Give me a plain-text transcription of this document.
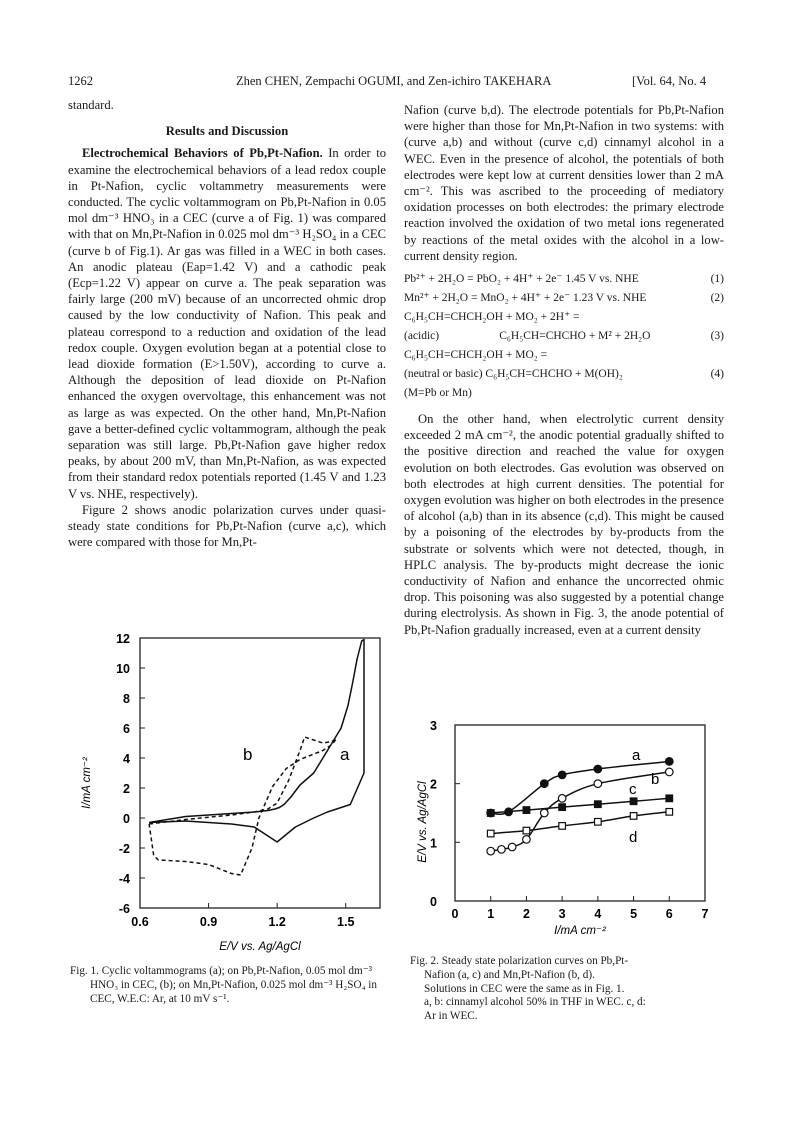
1262	Zhen CHEN, Zempachi OGUMI, and Zen-ichiro TAKEHARA	[Vol. 64, No. 4

standard.

Results and Discussion

Electrochemical Behaviors of Pb,Pt-Nafion. In order to examine the electrochemical behaviors of a lead redox couple in Pt-Nafion, cyclic voltammetry measurements were conducted. The cyclic voltammogram on Pb,Pt-Nafion in 0.05 mol dm⁻³ HNO₃ in a CEC (curve a of Fig. 1) was compared with that on Mn,Pt-Nafion in 0.025 mol dm⁻³ H₂SO₄ in a CEC (curve b of Fig.1). Ar gas was filled in a WEC in both cases. An anodic plateau (Eap=1.42 V) and a cathodic peak (Ecp=1.22 V) appear on curve a. The peak separation was fairly large (200 mV) because of an uncorrected ohmic drop caused by the low conductivity of Nafion. This peak and plateau correspond to a reduction and oxidation of the lead redox couple. Oxygen evolution began at a potential close to lead dioxide formation (E>1.50V), according to curve a. Although the deposition of lead dioxide on Pt-Nafion enhanced the oxygen overvoltage, this enhancement was not as large as was expected. On the other hand, Mn,Pt-Nafion gave a better-defined cyclic voltammogram, although the peak separation was still large. Pb,Pt-Nafion gave higher redox peaks, by about 200 mV, than Mn,Pt-Nafion, as was expected from their standard redox potentials reported (1.45 V and 1.23 V vs. NHE, respectively).

Figure 2 shows anodic polarization curves under quasi-steady state conditions for Pb,Pt-Nafion (curve a,c), which were compared with those for Mn,Pt-

Nafion (curve b,d). The electrode potentials for Pb,Pt-Nafion were higher than those for Mn,Pt-Nafion in two systems: with (curve a,b) and without (curve c,d) cinnamyl alcohol in a WEC. Even in the presence of alcohol, the potentials of both electrodes were kept low at current densities lower than 2 mA cm⁻². This was ascribed to the proceeding of mediatory oxidation processes on both electrodes: the primary electrode reaction involved the oxidation of two metal ions regenerated by reactions of the metal oxides with the alcohol in a low-current density region.

Pb²⁺ + 2H₂O = PbO₂ + 4H⁺ + 2e⁻ 1.45 V vs. NHE	(1)
Mn²⁺ + 2H₂O = MnO₂ + 4H⁺ + 2e⁻ 1.23 V vs. NHE	(2)
C₆H₅CH=CHCH₂OH + MO₂ + 2H⁺ =
(acidic)	C₆H₅CH=CHCHO + M² + 2H₂O	(3)
C₆H₅CH=CHCH₂OH + MO₂ =
(neutral or basic) C₆H₅CH=CHCHO + M(OH)₂	(4)
(M=Pb or Mn)

On the other hand, when electrolytic current density exceeded 2 mA cm⁻², the anodic potential gradually shifted to the positive direction and reached the value for oxygen evolution on both electrodes. Gas evolution was observed on both electrodes at high current densities. The potential for oxygen evolution was higher on both electrodes in the presence of alcohol (a,b) than in its absence (c,d). This might be caused by a poisoning of the electrodes by by-products from the substrate or solvents which were not detected, though, in HPLC analysis. The by-products might decrease the ionic conductivity of Nafion and enhance the uncorrected ohmic drop. This poisoning was also suggested by a potential change during electrolysis. As shown in Fig. 3, the anode potential of Pb,Pt-Nafion gradually increased, even at a current density

12
10
8
6
4
2
0
-2
-4
-6
0.6	0.9	1.2	1.5
b	a
E/V vs. Ag/AgCl
I/mA cm⁻²
Fig. 1. Cyclic voltammograms (a); on Pb,Pt-Nafion, 0.05 mol dm⁻³ HNO₃ in CEC, (b); on Mn,Pt-Nafion, 0.025 mol dm⁻³ H₂SO₄ in CEC, W.E.C: Ar, at 10 mV s⁻¹.
3
2
1
0
0 1 2 3 4 5 6 7
a
b
c
d
I/mA cm⁻²
E/V vs. Ag/AgCl
Fig. 2. Steady state polarization curves on Pb,Pt-
Nafion (a, c) and Mn,Pt-Nafion (b, d).
Solutions in CEC were the same as in Fig. 1.
a, b: cinnamyl alcohol 50% in THF in WEC. c, d:
Ar in WEC.
